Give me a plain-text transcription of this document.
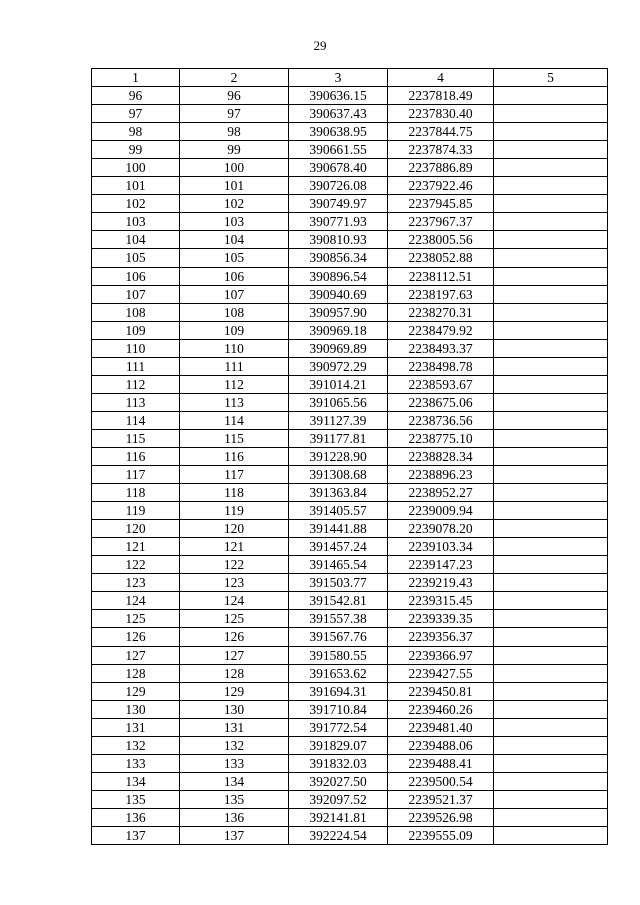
29
1	2	3	4	5
96	96	390636.15	2237818.49	
97	97	390637.43	2237830.40	
98	98	390638.95	2237844.75	
99	99	390661.55	2237874.33	
100	100	390678.40	2237886.89	
101	101	390726.08	2237922.46	
102	102	390749.97	2237945.85	
103	103	390771.93	2237967.37	
104	104	390810.93	2238005.56	
105	105	390856.34	2238052.88	
106	106	390896.54	2238112.51	
107	107	390940.69	2238197.63	
108	108	390957.90	2238270.31	
109	109	390969.18	2238479.92	
110	110	390969.89	2238493.37	
111	111	390972.29	2238498.78	
112	112	391014.21	2238593.67	
113	113	391065.56	2238675.06	
114	114	391127.39	2238736.56	
115	115	391177.81	2238775.10	
116	116	391228.90	2238828.34	
117	117	391308.68	2238896.23	
118	118	391363.84	2238952.27	
119	119	391405.57	2239009.94	
120	120	391441.88	2239078.20	
121	121	391457.24	2239103.34	
122	122	391465.54	2239147.23	
123	123	391503.77	2239219.43	
124	124	391542.81	2239315.45	
125	125	391557.38	2239339.35	
126	126	391567.76	2239356.37	
127	127	391580.55	2239366.97	
128	128	391653.62	2239427.55	
129	129	391694.31	2239450.81	
130	130	391710.84	2239460.26	
131	131	391772.54	2239481.40	
132	132	391829.07	2239488.06	
133	133	391832.03	2239488.41	
134	134	392027.50	2239500.54	
135	135	392097.52	2239521.37	
136	136	392141.81	2239526.98	
137	137	392224.54	2239555.09	
